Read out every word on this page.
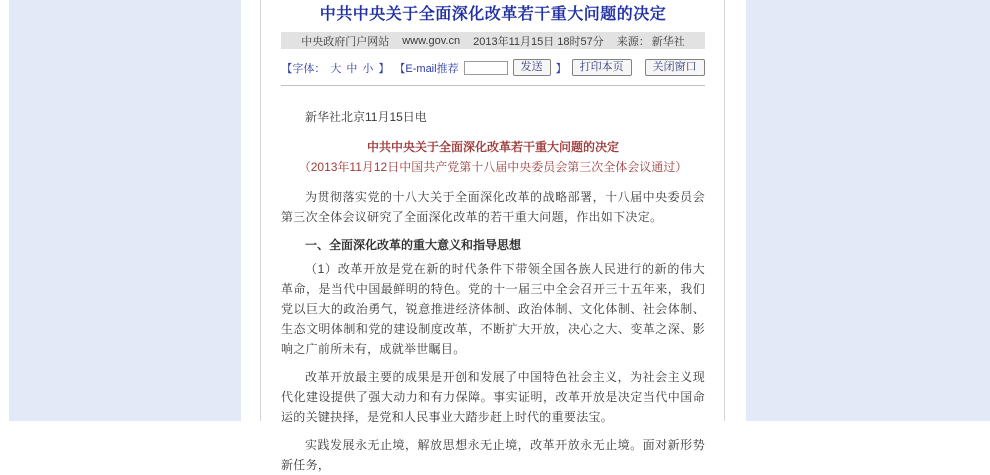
中共中央关于全面深化改革若干重大问题的决定
中央政府门户网站 www.gov.cn 2013年11月15日 18时57分 来源： 新华社
【字体： 大 中 小 】 【E-mail推荐	发送	】	打印本页	关闭窗口

新华社北京11月15日电

中共中央关于全面深化改革若干重大问题的决定

（2013年11月12日中国共产党第十八届中央委员会第三次全体会议通过）

为贯彻落实党的十八大关于全面深化改革的战略部署，十八届中央委员会第三次全体会议研究了全面深化改革的若干重大问题，作出如下决定。

一、全面深化改革的重大意义和指导思想

（1）改革开放是党在新的时代条件下带领全国各族人民进行的新的伟大革命，是当代中国最鲜明的特色。党的十一届三中全会召开三十五年来，我们党以巨大的政治勇气，锐意推进经济体制、政治体制、文化体制、社会体制、生态文明体制和党的建设制度改革，不断扩大开放，决心之大、变革之深、影响之广前所未有，成就举世瞩目。

改革开放最主要的成果是开创和发展了中国特色社会主义，为社会主义现代化建设提供了强大动力和有力保障。事实证明，改革开放是决定当代中国命运的关键抉择，是党和人民事业大踏步赶上时代的重要法宝。

实践发展永无止境，解放思想永无止境，改革开放永无止境。面对新形势新任务，
